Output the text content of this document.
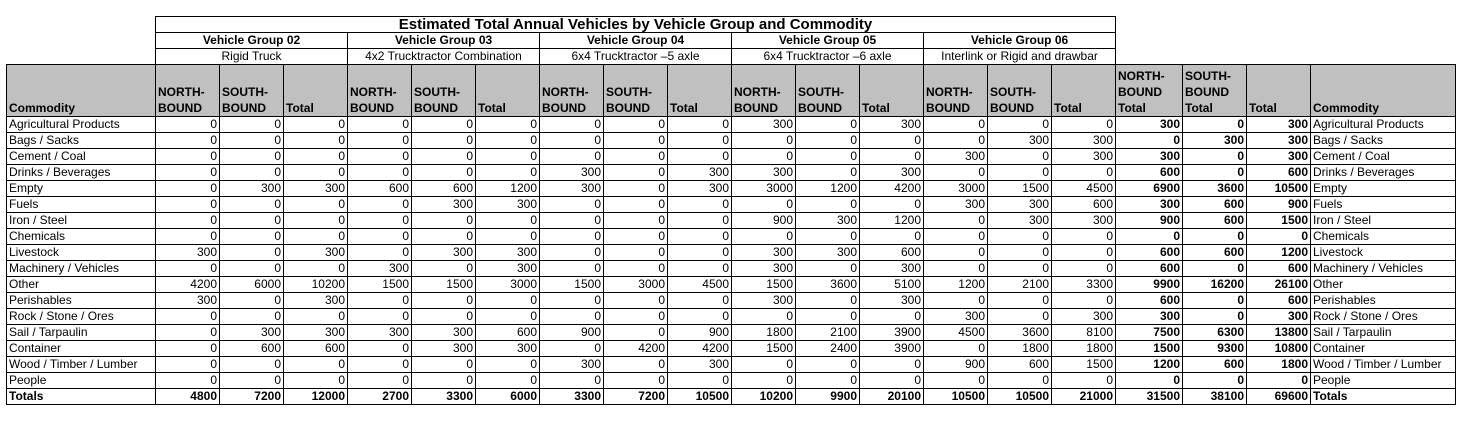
	Estimated Total Annual Vehicles by Vehicle Group and Commodity																		
	Vehicle Group 02			Vehicle Group 03			Vehicle Group 04			Vehicle Group 05			Vehicle Group 06						
	Rigid Truck			4x2 Trucktractor Combination			6x4 Trucktractor –5 axle			6x4 Trucktractor –6 axle			Interlink or Rigid and drawbar						
Commodity	NORTH-BOUND	SOUTH-BOUND	Total	NORTH-BOUND	SOUTH-BOUND	Total	NORTH-BOUND	SOUTH-BOUND	Total	NORTH-BOUND	SOUTH-BOUND	Total	NORTH-BOUND	SOUTH-BOUND	Total	NORTH-BOUND Total	SOUTH-BOUND Total	Total	Commodity
Agricultural Products	0	0	0	0	0	0	0	0	0	300	0	300	0	0	0	300	0	300	Agricultural Products
Bags / Sacks	0	0	0	0	0	0	0	0	0	0	0	0	0	300	300	0	300	300	Bags / Sacks
Cement / Coal	0	0	0	0	0	0	0	0	0	0	0	0	300	0	300	300	0	300	Cement / Coal
Drinks / Beverages	0	0	0	0	0	0	300	0	300	300	0	300	0	0	0	600	0	600	Drinks / Beverages
Empty	0	300	300	600	600	1200	300	0	300	3000	1200	4200	3000	1500	4500	6900	3600	10500	Empty
Fuels	0	0	0	0	300	300	0	0	0	0	0	0	300	300	600	300	600	900	Fuels
Iron / Steel	0	0	0	0	0	0	0	0	0	900	300	1200	0	300	300	900	600	1500	Iron / Steel
Chemicals	0	0	0	0	0	0	0	0	0	0	0	0	0	0	0	0	0	0	Chemicals
Livestock	300	0	300	0	300	300	0	0	0	300	300	600	0	0	0	600	600	1200	Livestock
Machinery / Vehicles	0	0	0	300	0	300	0	0	0	300	0	300	0	0	0	600	0	600	Machinery / Vehicles
Other	4200	6000	10200	1500	1500	3000	1500	3000	4500	1500	3600	5100	1200	2100	3300	9900	16200	26100	Other
Perishables	300	0	300	0	0	0	0	0	0	300	0	300	0	0	0	600	0	600	Perishables
Rock / Stone / Ores	0	0	0	0	0	0	0	0	0	0	0	0	300	0	300	300	0	300	Rock / Stone / Ores
Sail / Tarpaulin	0	300	300	300	300	600	900	0	900	1800	2100	3900	4500	3600	8100	7500	6300	13800	Sail / Tarpaulin
Container	0	600	600	0	300	300	0	4200	4200	1500	2400	3900	0	1800	1800	1500	9300	10800	Container
Wood / Timber / Lumber	0	0	0	0	0	0	300	0	300	0	0	0	900	600	1500	1200	600	1800	Wood / Timber / Lumber
People	0	0	0	0	0	0	0	0	0	0	0	0	0	0	0	0	0	0	People
Totals	4800	7200	12000	2700	3300	6000	3300	7200	10500	10200	9900	20100	10500	10500	21000	31500	38100	69600	Totals
